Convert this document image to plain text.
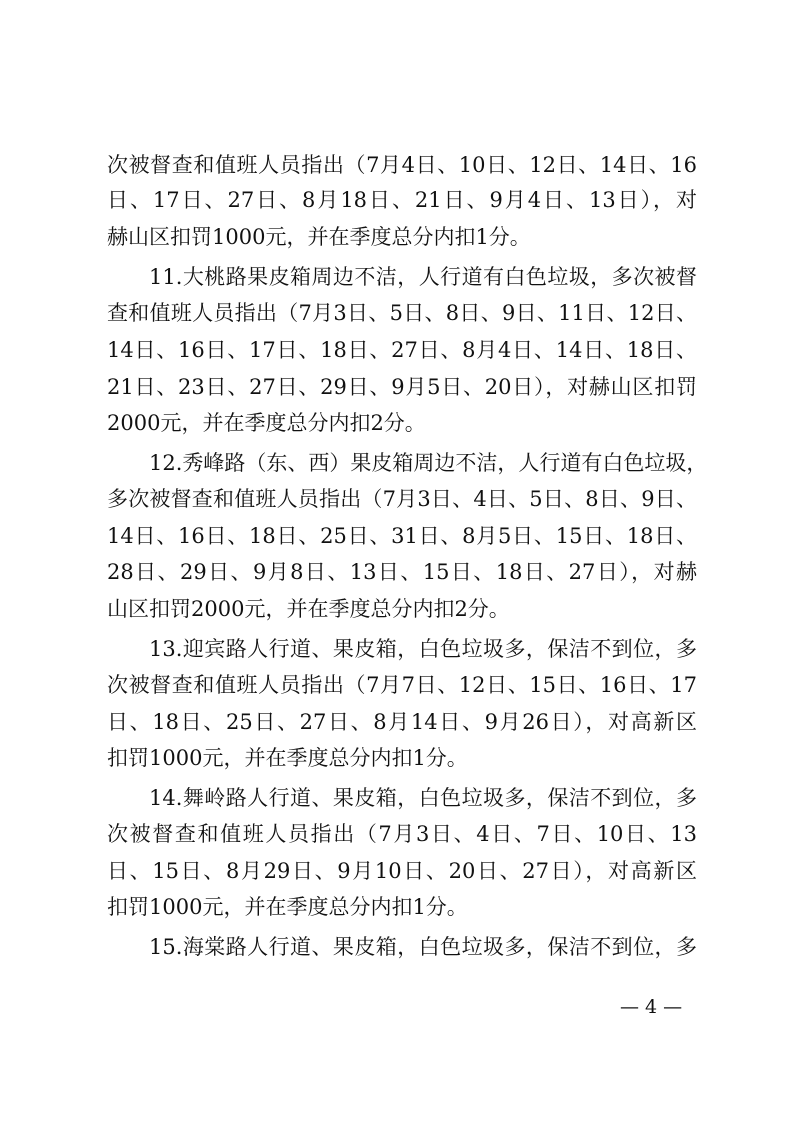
次被督查和值班人员指出（7月4日、10日、12日、14日、16
日、17日、27日、8月18日、21日、9月4日、13日），对
赫山区扣罚1000元，并在季度总分内扣1分。
11.大桃路果皮箱周边不洁，人行道有白色垃圾，多次被督
查和值班人员指出（7月3日、5日、8日、9日、11日、12日、
14日、16日、17日、18日、27日、8月4日、14日、18日、
21日、23日、27日、29日、9月5日、20日），对赫山区扣罚
2000元，并在季度总分内扣2分。
12.秀峰路（东、西）果皮箱周边不洁，人行道有白色垃圾，
多次被督查和值班人员指出（7月3日、4日、5日、8日、9日、
14日、16日、18日、25日、31日、8月5日、15日、18日、
28日、29日、9月8日、13日、15日、18日、27日），对赫
山区扣罚2000元，并在季度总分内扣2分。
13.迎宾路人行道、果皮箱，白色垃圾多，保洁不到位，多
次被督查和值班人员指出（7月7日、12日、15日、16日、17
日、18日、25日、27日、8月14日、9月26日），对高新区
扣罚1000元，并在季度总分内扣1分。
14.舞岭路人行道、果皮箱，白色垃圾多，保洁不到位，多
次被督查和值班人员指出（7月3日、4日、7日、10日、13
日、15日、8月29日、9月10日、20日、27日），对高新区
扣罚1000元，并在季度总分内扣1分。
15.海棠路人行道、果皮箱，白色垃圾多，保洁不到位，多
— 4 —
